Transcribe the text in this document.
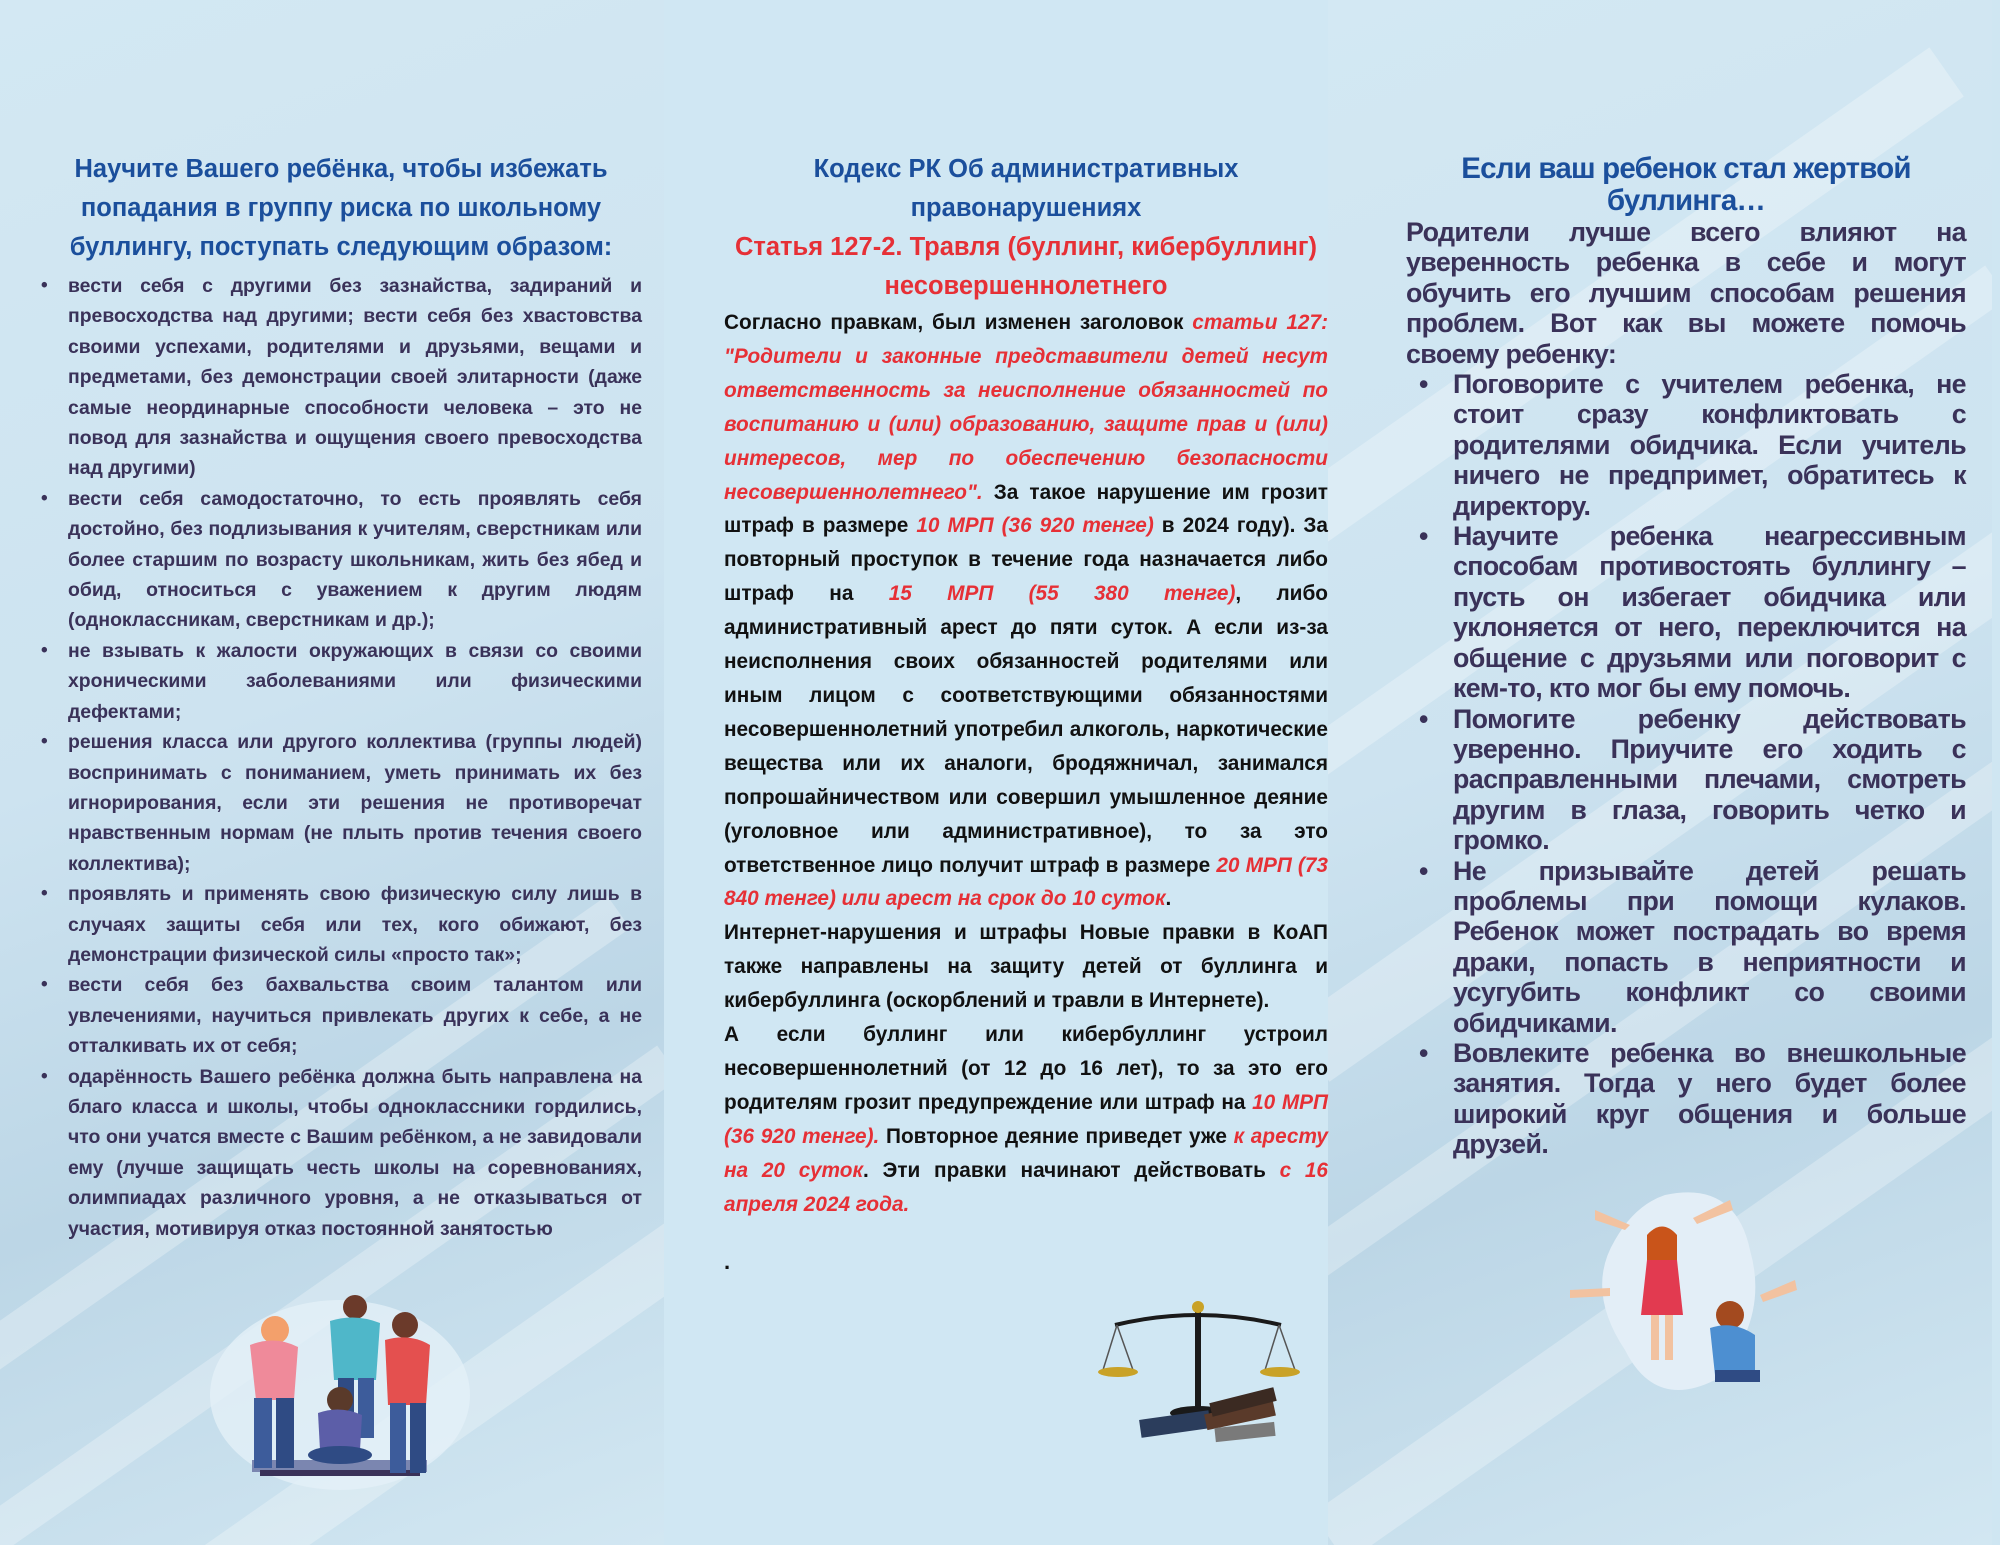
Научите Вашего ребёнка, чтобы избежать попадания в группу риска по школьному буллингу, поступать следующим образом:
• вести себя с другими без зазнайства, задираний и превосходства над другими; вести себя без хвастовства своими успехами, родителями и друзьями, вещами и предметами, без демонстрации своей элитарности (даже самые неординарные способности человека – это не повод для зазнайства и ощущения своего превосходства над другими)
• вести себя самодостаточно, то есть проявлять себя достойно, без подлизывания к учителям, сверстникам или более старшим по возрасту школьникам, жить без ябед и обид, относиться с уважением к другим людям (одноклассникам, сверстникам и др.);
• не взывать к жалости окружающих в связи со своими хроническими заболеваниями или физическими дефектами;
• решения класса или другого коллектива (группы людей) воспринимать с пониманием, уметь принимать их без игнорирования, если эти решения не противоречат нравственным нормам (не плыть против течения своего коллектива);
• проявлять и применять свою физическую силу лишь в случаях защиты себя или тех, кого обижают, без демонстрации физической силы «просто так»;
• вести себя без бахвальства своим талантом или увлечениями, научиться привлекать других к себе, а не отталкивать их от себя;
• одарённость Вашего ребёнка должна быть направлена на благо класса и школы, чтобы одноклассники гордились, что они учатся вместе с Вашим ребёнком, а не завидовали ему (лучше защищать честь школы на соревнованиях, олимпиадах различного уровня, а не отказываться от участия, мотивируя отказ постоянной занятостью
Кодекс РК Об административных правонарушениях
Статья 127-2. Травля (буллинг, кибербуллинг) несовершеннолетнего

Согласно правкам, был изменен заголовок статьи 127: "Родители и законные представители детей несут ответственность за неисполнение обязанностей по воспитанию и (или) образованию, защите прав и (или) интересов, мер по обеспечению безопасности несовершеннолетнего". За такое нарушение им грозит штраф в размере 10 МРП (36 920 тенге) в 2024 году). За повторный проступок в течение года назначается либо штраф на 15 МРП (55 380 тенге), либо административный арест до пяти суток. А если из-за неисполнения своих обязанностей родителями или иным лицом с соответствующими обязанностями несовершеннолетний употребил алкоголь, наркотические вещества или их аналоги, бродяжничал, занимался попрошайничеством или совершил умышленное деяние (уголовное или административное), то за это ответственное лицо получит штраф в размере 20 МРП (73 840 тенге) или арест на срок до 10 суток.

Интернет-нарушения и штрафы Новые правки в КоАП также направлены на защиту детей от буллинга и кибербуллинга (оскорблений и травли в Интернете).

А если буллинг или кибербуллинг устроил несовершеннолетний (от 12 до 16 лет), то за это его родителям грозит предупреждение или штраф на 10 МРП (36 920 тенге). Повторное деяние приведет уже к аресту на 20 суток. Эти правки начинают действовать с 16 апреля 2024 года.

.
Если ваш ребенок стал жертвой буллинга…

Родители лучше всего влияют на уверенность ребенка в себе и могут обучить его лучшим способам решения проблем. Вот как вы можете помочь своему ребенку:

• Поговорите с учителем ребенка, не стоит сразу конфликтовать с родителями обидчика. Если учитель ничего не предпримет, обратитесь к директору.
• Научите ребенка неагрессивным способам противостоять буллингу – пусть он избегает обидчика или уклоняется от него, переключится на общение с друзьями или поговорит с кем-то, кто мог бы ему помочь.
• Помогите ребенку действовать уверенно. Приучите его ходить с расправленными плечами, смотреть другим в глаза, говорить четко и громко.
• Не призывайте детей решать проблемы при помощи кулаков. Ребенок может пострадать во время драки, попасть в неприятности и усугубить конфликт со своими обидчиками.
• Вовлеките ребенка во внешкольные занятия. Тогда у него будет более широкий круг общения и больше друзей.
